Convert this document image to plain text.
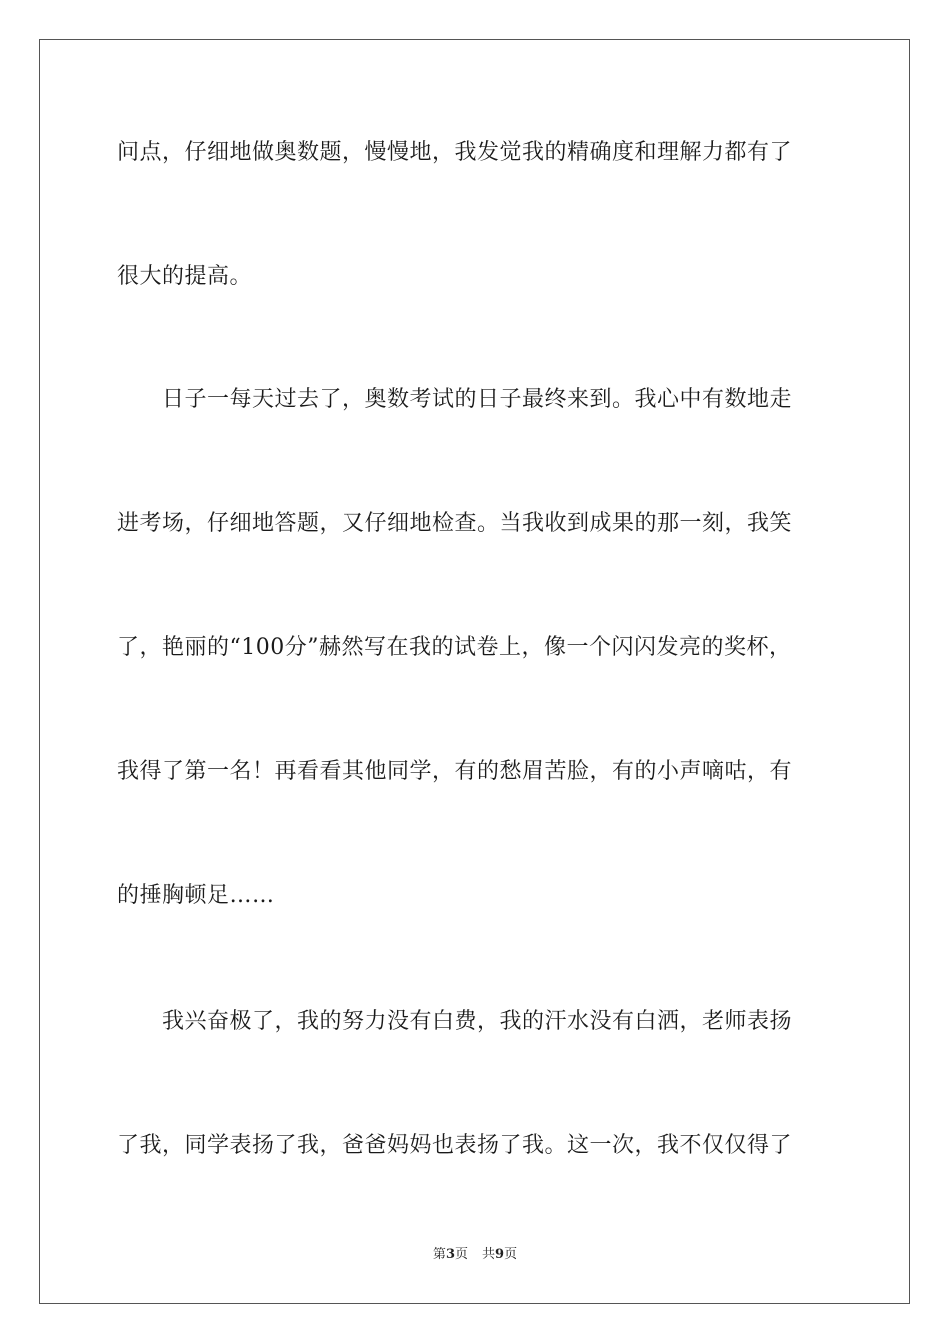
问点，仔细地做奥数题，慢慢地，我发觉我的精确度和理解力都有了
很大的提高。
　　日子一每天过去了，奥数考试的日子最终来到。我心中有数地走
进考场，仔细地答题，又仔细地检查。当我收到成果的那一刻，我笑
了，艳丽的“100分”赫然写在我的试卷上，像一个闪闪发亮的奖杯，
我得了第一名！再看看其他同学，有的愁眉苦脸，有的小声嘀咕，有
的捶胸顿足……
　　我兴奋极了，我的努力没有白费，我的汗水没有白洒，老师表扬
了我，同学表扬了我，爸爸妈妈也表扬了我。这一次，我不仅仅得了
第3页 共9页
